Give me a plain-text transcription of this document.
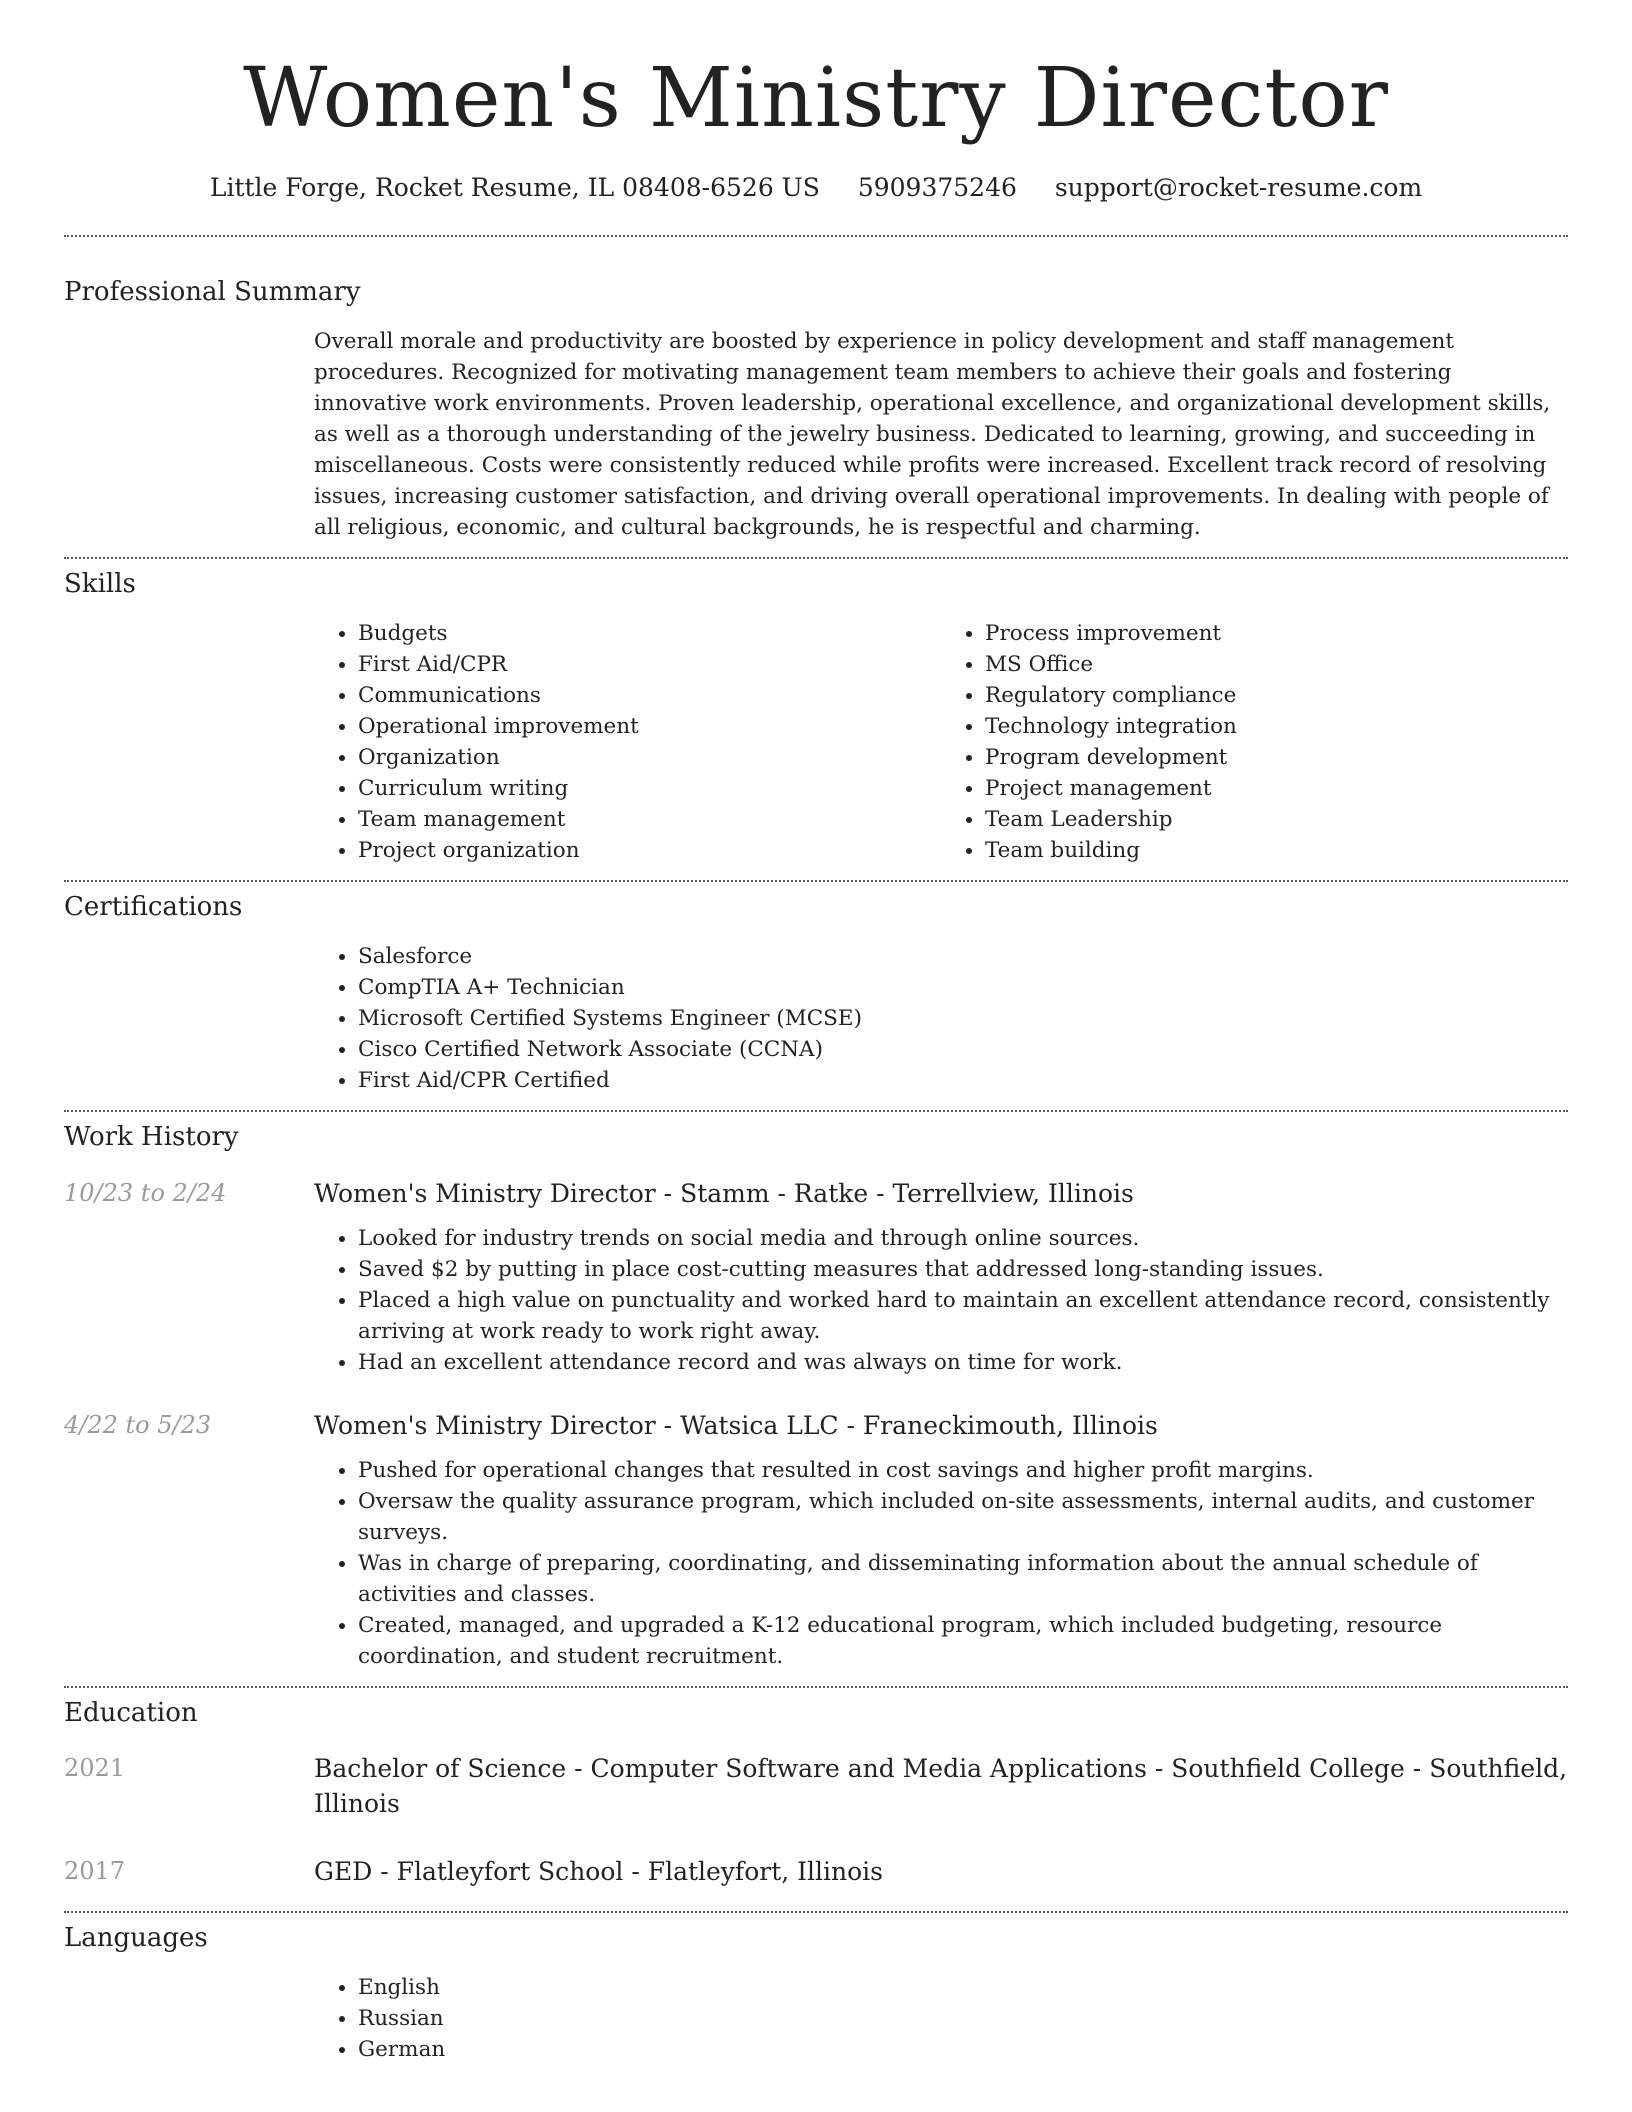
Women's Ministry Director
Little Forge, Rocket Resume, IL 08408-6526 US 5909375246 support@rocket-resume.com
Professional Summary

Overall morale and productivity are boosted by experience in policy development and staff management procedures. Recognized for motivating management team members to achieve their goals and fostering innovative work environments. Proven leadership, operational excellence, and organizational development skills, as well as a thorough understanding of the jewelry business. Dedicated to learning, growing, and succeeding in miscellaneous. Costs were consistently reduced while profits were increased. Excellent track record of resolving issues, increasing customer satisfaction, and driving overall operational improvements. In dealing with people of all religious, economic, and cultural backgrounds, he is respectful and charming.

Skills
• Budgets
• First Aid/CPR
• Communications
• Operational improvement
• Organization
• Curriculum writing
• Team management
• Project organization
• Process improvement
• MS Office
• Regulatory compliance
• Technology integration
• Program development
• Project management
• Team Leadership
• Team building
Certifications
• Salesforce
• CompTIA A+ Technician
• Microsoft Certified Systems Engineer (MCSE)
• Cisco Certified Network Associate (CCNA)
• First Aid/CPR Certified
Work History
10/23 to 2/24	Women's Ministry Director - Stamm - Ratke - Terrellview, Illinois
• Looked for industry trends on social media and through online sources.
• Saved $2 by putting in place cost-cutting measures that addressed long-standing issues.
• Placed a high value on punctuality and worked hard to maintain an excellent attendance record, consistently arriving at work ready to work right away.
• Had an excellent attendance record and was always on time for work.
4/22 to 5/23	Women's Ministry Director - Watsica LLC - Franeckimouth, Illinois
• Pushed for operational changes that resulted in cost savings and higher profit margins.
• Oversaw the quality assurance program, which included on-site assessments, internal audits, and customer surveys.
• Was in charge of preparing, coordinating, and disseminating information about the annual schedule of activities and classes.
• Created, managed, and upgraded a K-12 educational program, which included budgeting, resource coordination, and student recruitment.
Education
2021	Bachelor of Science - Computer Software and Media Applications - Southfield College - Southfield, Illinois
2017	GED - Flatleyfort School - Flatleyfort, Illinois
Languages
• English
• Russian
• German
